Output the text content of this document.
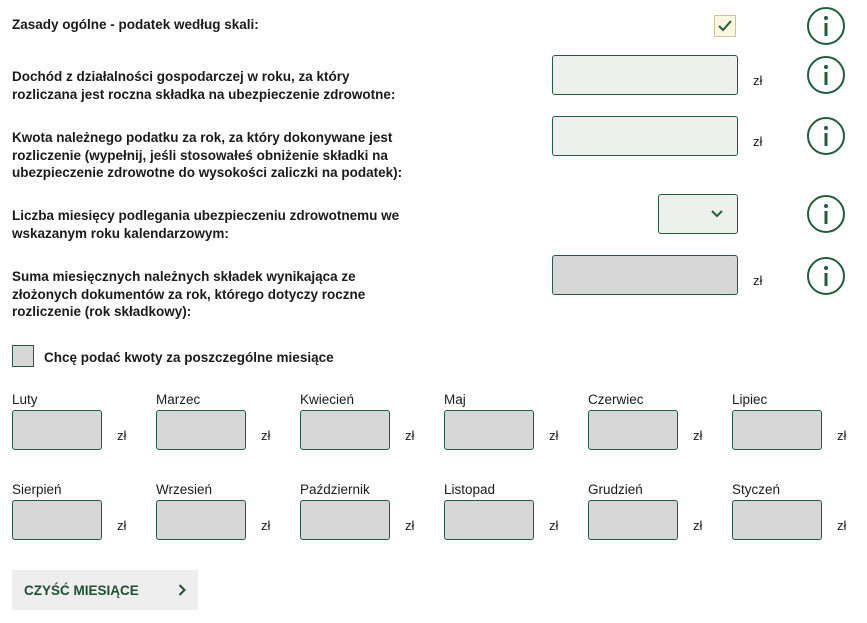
Zasady ogólne - podatek według skali:
Dochód z działalności gospodarczej w roku, za który rozliczana jest roczna składka na ubezpieczenie zdrowotne:
zł
Kwota należnego podatku za rok, za który dokonywane jest rozliczenie (wypełnij, jeśli stosowałeś obniżenie składki na ubezpieczenie zdrowotne do wysokości zaliczki na podatek):
zł
Liczba miesięcy podlegania ubezpieczeniu zdrowotnemu we wskazanym roku kalendarzowym:
Suma miesięcznych należnych składek wynikająca ze złożonych dokumentów za rok, którego dotyczy roczne rozliczenie (rok składkowy):
zł
Chcę podać kwoty za poszczególne miesiące
Luty
zł
Marzec
zł
Kwiecień
zł
Maj
zł
Czerwiec
zł
Lipiec
zł
Sierpień
zł
Wrzesień
zł
Październik
zł
Listopad
zł
Grudzień
zł
Styczeń
zł
CZYŚĆ MIESIĄCE
